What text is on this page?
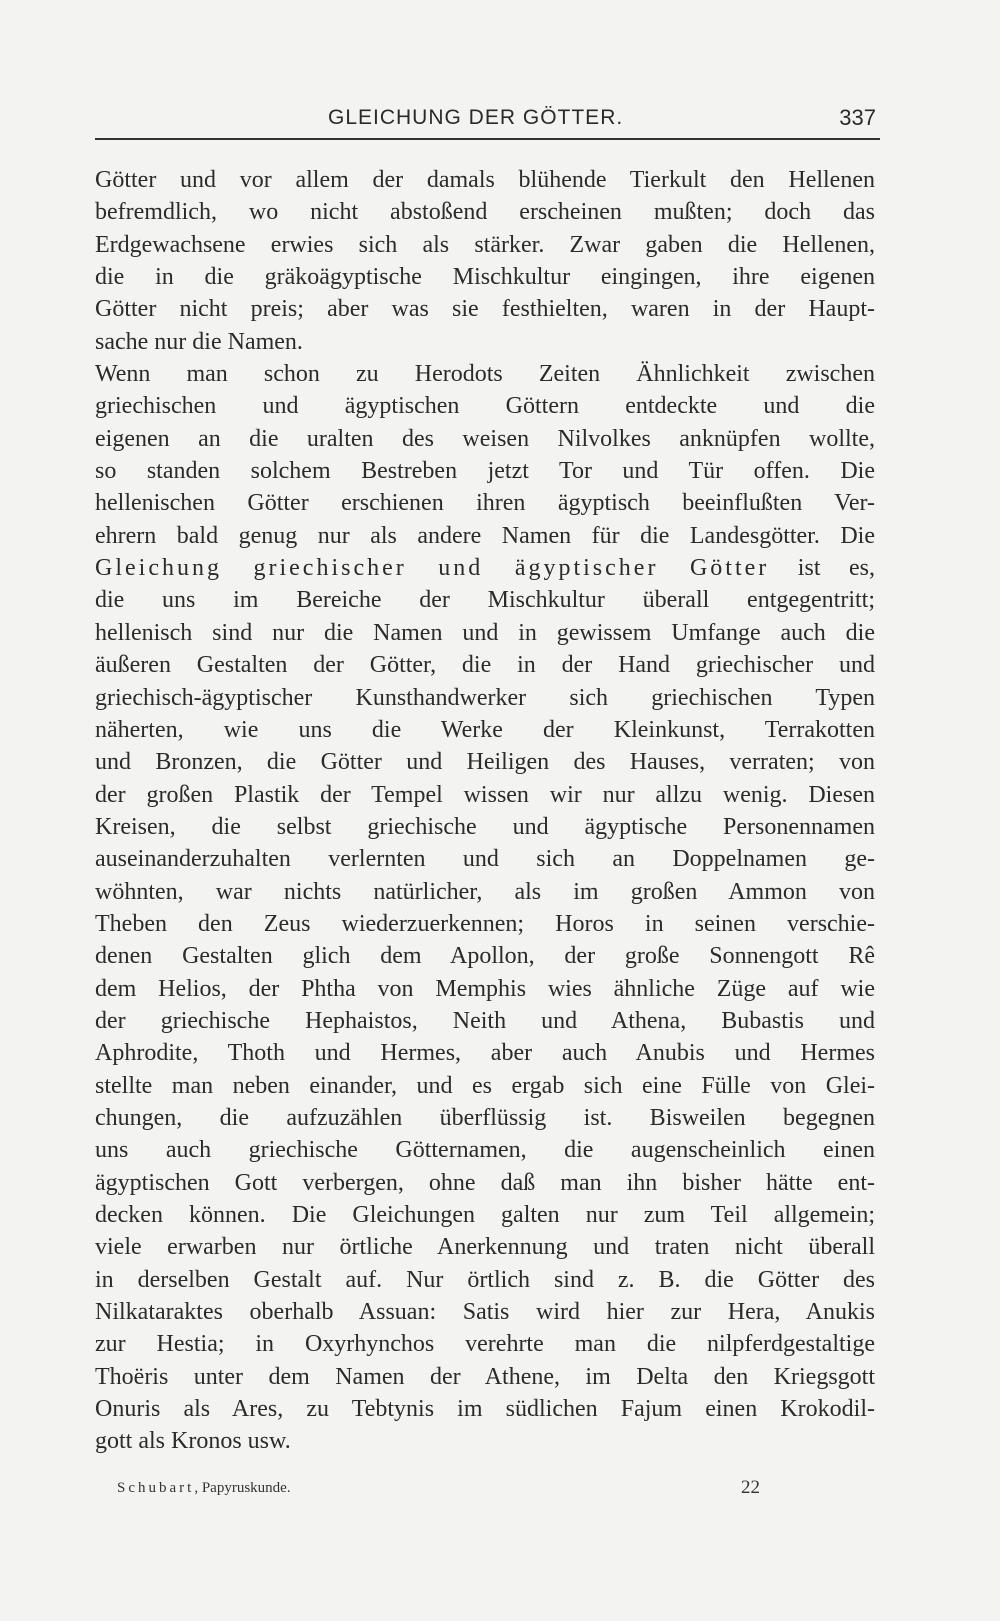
GLEICHUNG DER GÖTTER.	337
Götter und vor allem der damals blühende Tierkult den Hellenen
befremdlich, wo nicht abstoßend erscheinen mußten; doch das
Erdgewachsene erwies sich als stärker. Zwar gaben die Hellenen,
die in die gräkoägyptische Mischkultur eingingen, ihre eigenen
Götter nicht preis; aber was sie festhielten, waren in der Haupt-
sache nur die Namen.
Wenn man schon zu Herodots Zeiten Ähnlichkeit zwischen
griechischen und ägyptischen Göttern entdeckte und die
eigenen an die uralten des weisen Nilvolkes anknüpfen wollte,
so standen solchem Bestreben jetzt Tor und Tür offen. Die
hellenischen Götter erschienen ihren ägyptisch beeinflußten Ver-
ehrern bald genug nur als andere Namen für die Landesgötter. Die
Gleichung griechischer und ägyptischer Götter ist es,
die uns im Bereiche der Mischkultur überall entgegentritt;
hellenisch sind nur die Namen und in gewissem Umfange auch die
äußeren Gestalten der Götter, die in der Hand griechischer und
griechisch-ägyptischer Kunsthandwerker sich griechischen Typen
näherten, wie uns die Werke der Kleinkunst, Terrakotten
und Bronzen, die Götter und Heiligen des Hauses, verraten; von
der großen Plastik der Tempel wissen wir nur allzu wenig. Diesen
Kreisen, die selbst griechische und ägyptische Personennamen
auseinanderzuhalten verlernten und sich an Doppelnamen ge-
wöhnten, war nichts natürlicher, als im großen Ammon von
Theben den Zeus wiederzuerkennen; Horos in seinen verschie-
denen Gestalten glich dem Apollon, der große Sonnengott Rê
dem Helios, der Phtha von Memphis wies ähnliche Züge auf wie
der griechische Hephaistos, Neith und Athena, Bubastis und
Aphrodite, Thoth und Hermes, aber auch Anubis und Hermes
stellte man neben einander, und es ergab sich eine Fülle von Glei-
chungen, die aufzuzählen überflüssig ist. Bisweilen begegnen
uns auch griechische Götternamen, die augenscheinlich einen
ägyptischen Gott verbergen, ohne daß man ihn bisher hätte ent-
decken können. Die Gleichungen galten nur zum Teil allgemein;
viele erwarben nur örtliche Anerkennung und traten nicht überall
in derselben Gestalt auf. Nur örtlich sind z. B. die Götter des
Nilkataraktes oberhalb Assuan: Satis wird hier zur Hera, Anukis
zur Hestia; in Oxyrhynchos verehrte man die nilpferdgestaltige
Thoëris unter dem Namen der Athene, im Delta den Kriegsgott
Onuris als Ares, zu Tebtynis im südlichen Fajum einen Krokodil-
gott als Kronos usw.
Schubart, Papyruskunde.	22
